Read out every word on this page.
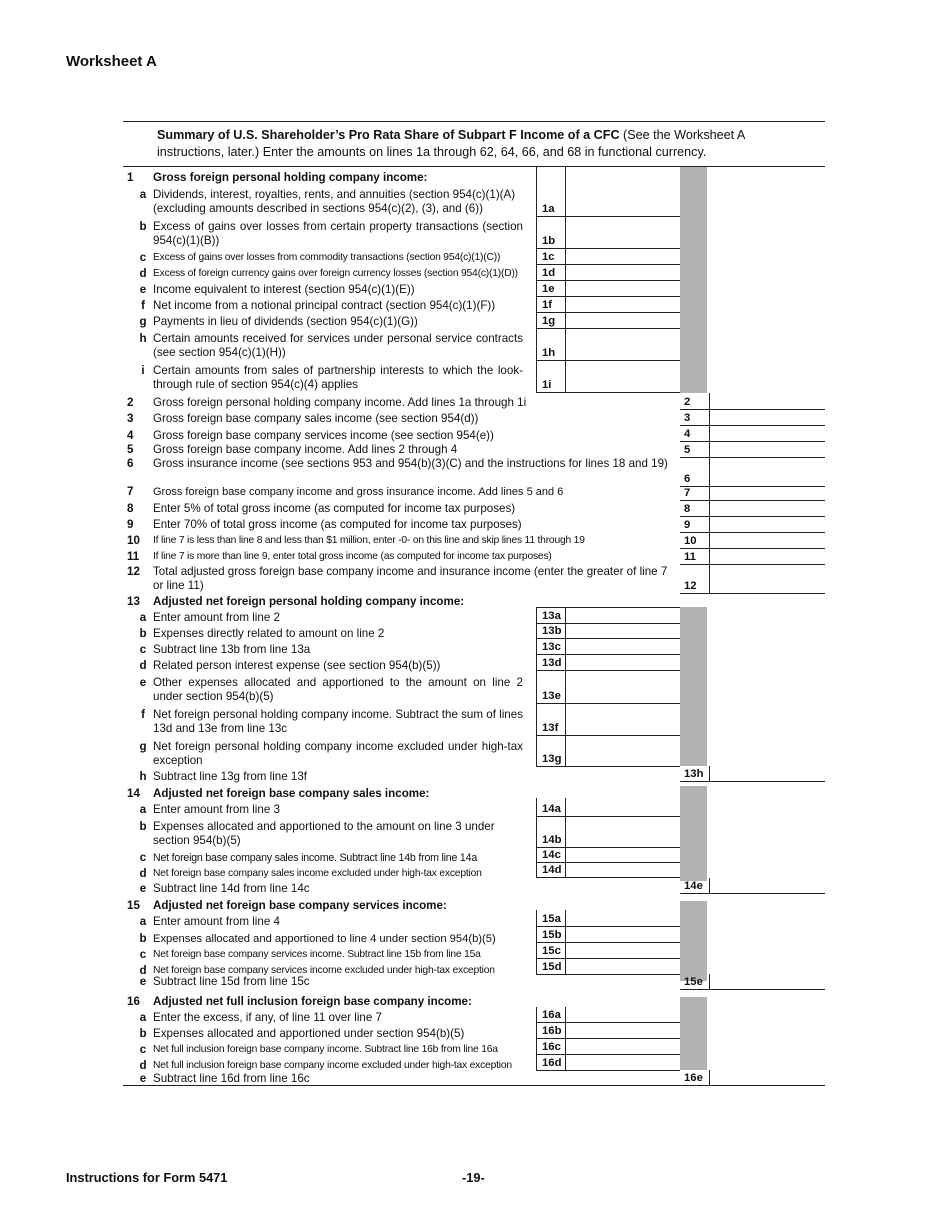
Worksheet A
Summary of U.S. Shareholder’s Pro Rata Share of Subpart F Income of a CFC (See the Worksheet A instructions, later.) Enter the amounts on lines 1a through 62, 64, 66, and 68 in functional currency.
1	Gross foreign personal holding company income:
a Dividends, interest, royalties, rents, and annuities (section 954(c)(1)(A) (excluding amounts described in sections 954(c)(2), (3), and (6))	1a
b Excess of gains over losses from certain property transactions (section 954(c)(1)(B))	1b
c Excess of gains over losses from commodity transactions (section 954(c)(1)(C))	1c
d Excess of foreign currency gains over foreign currency losses (section 954(c)(1)(D)) 1d
e Income equivalent to interest (section 954(c)(1)(E))	1e
f Net income from a notional principal contract (section 954(c)(1)(F))	1f
g Payments in lieu of dividends (section 954(c)(1)(G))	1g
h Certain amounts received for services under personal service contracts (see section 954(c)(1)(H))	1h
i Certain amounts from sales of partnership interests to which the look-through rule of section 954(c)(4) applies	1i
2	Gross foreign personal holding company income. Add lines 1a through 1i	2
3	Gross foreign base company sales income (see section 954(d))	3
4	Gross foreign base company services income (see section 954(e))	4
5	Gross foreign base company income. Add lines 2 through 4	5
6	Gross insurance income (see sections 953 and 954(b)(3)(C) and the instructions for lines 18 and 19)
6
7	Gross foreign base company income and gross insurance income. Add lines 5 and 6	7
8	Enter 5% of total gross income (as computed for income tax purposes)	8
9	Enter 70% of total gross income (as computed for income tax purposes)	9
10	If line 7 is less than line 8 and less than $1 million, enter -0- on this line and skip lines 11 through 19	10
11	If line 7 is more than line 9, enter total gross income (as computed for income tax purposes)	11
12	Total adjusted gross foreign base company income and insurance income (enter the greater of line 7 or line 11)	12
13	Adjusted net foreign personal holding company income:
a Enter amount from line 2	13a
b Expenses directly related to amount on line 2	13b
c Subtract line 13b from line 13a	13c
d Related person interest expense (see section 954(b)(5))	13d
e Other expenses allocated and apportioned to the amount on line 2 under section 954(b)(5)	13e
f Net foreign personal holding company income. Subtract the sum of lines 13d and 13e from line 13c	13f
g Net foreign personal holding company income excluded under high-tax exception	13g
h Subtract line 13g from line 13f	13h
14	Adjusted net foreign base company sales income:
a Enter amount from line 3	14a
b Expenses allocated and apportioned to the amount on line 3 under section 954(b)(5)	14b
c Net foreign base company sales income. Subtract line 14b from line 14a	14c
d Net foreign base company sales income excluded under high-tax exception	14d
e Subtract line 14d from line 14c	14e
15	Adjusted net foreign base company services income:
a Enter amount from line 4	15a
b Expenses allocated and apportioned to line 4 under section 954(b)(5)	15b
c Net foreign base company services income. Subtract line 15b from line 15a	15c
d Net foreign base company services income excluded under high-tax exception	15d
e Subtract line 15d from line 15c	15e
16	Adjusted net full inclusion foreign base company income:
a Enter the excess, if any, of line 11 over line 7	16a
b Expenses allocated and apportioned under section 954(b)(5)	16b
c Net full inclusion foreign base company income. Subtract line 16b from line 16a	16c
d Net full inclusion foreign base company income excluded under high-tax exception	16d
e Subtract line 16d from line 16c	16e
Instructions for Form 5471	-19-
